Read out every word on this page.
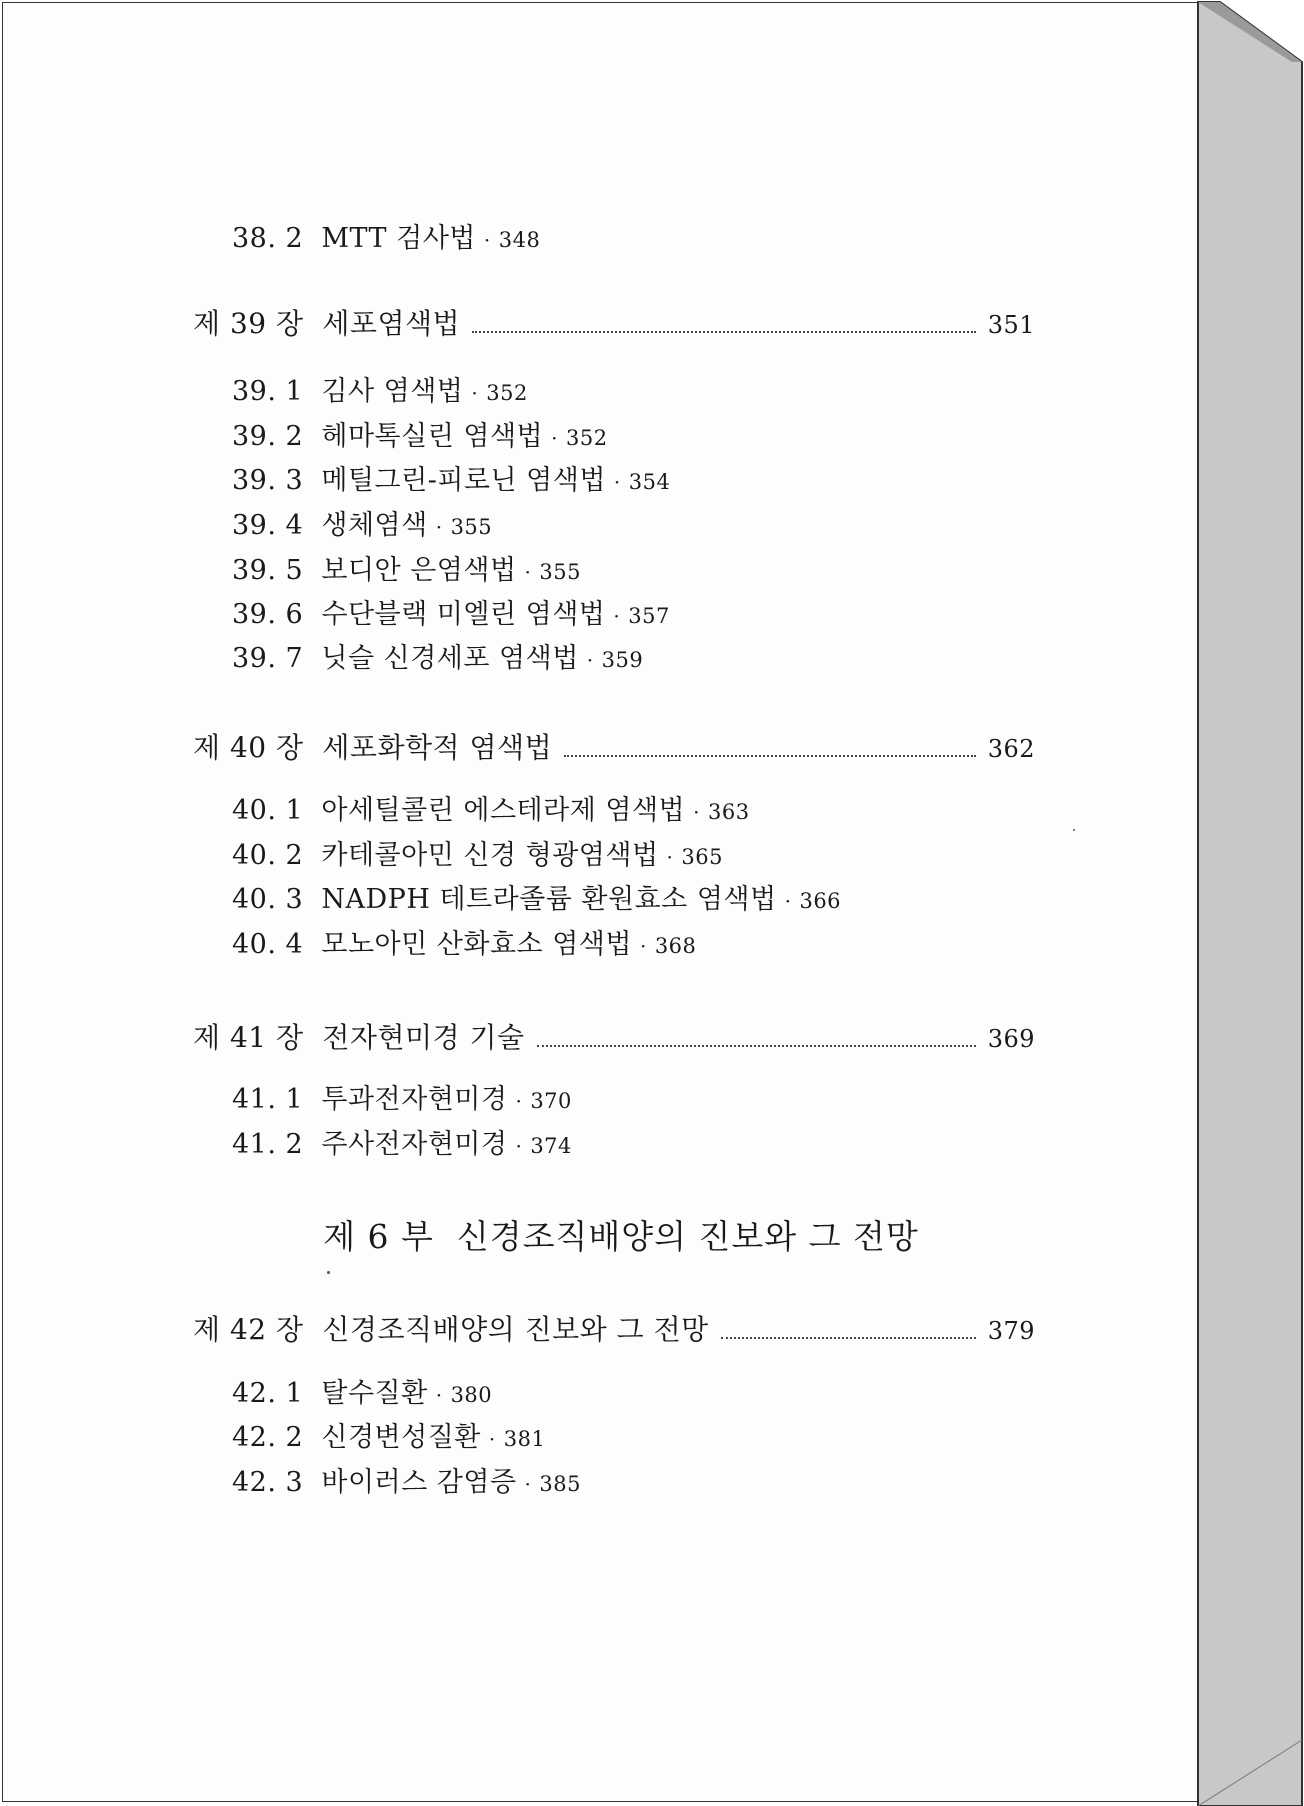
38. 2 MTT 검사법 · 348
제 39 장 세포염색법	351
39. 1 김사 염색법 · 352
39. 2 헤마톡실린 염색법 · 352
39. 3 메틸그린-피로닌 염색법 · 354
39. 4 생체염색 · 355
39. 5 보디안 은염색법 · 355
39. 6 수단블랙 미엘린 염색법 · 357
39. 7 닛슬 신경세포 염색법 · 359
제 40 장 세포화학적 염색법	362
40. 1 아세틸콜린 에스테라제 염색법 · 363
40. 2 카테콜아민 신경 형광염색법 · 365
40. 3 NADPH 테트라졸륨 환원효소 염색법 · 366
40. 4 모노아민 산화효소 염색법 · 368
제 41 장 전자현미경 기술	369
41. 1 투과전자현미경 · 370
41. 2 주사전자현미경 · 374
제 6 부 신경조직배양의 진보와 그 전망
제 42 장 신경조직배양의 진보와 그 전망	379
42. 1 탈수질환 · 380
42. 2 신경변성질환 · 381
42. 3 바이러스 감염증 · 385
